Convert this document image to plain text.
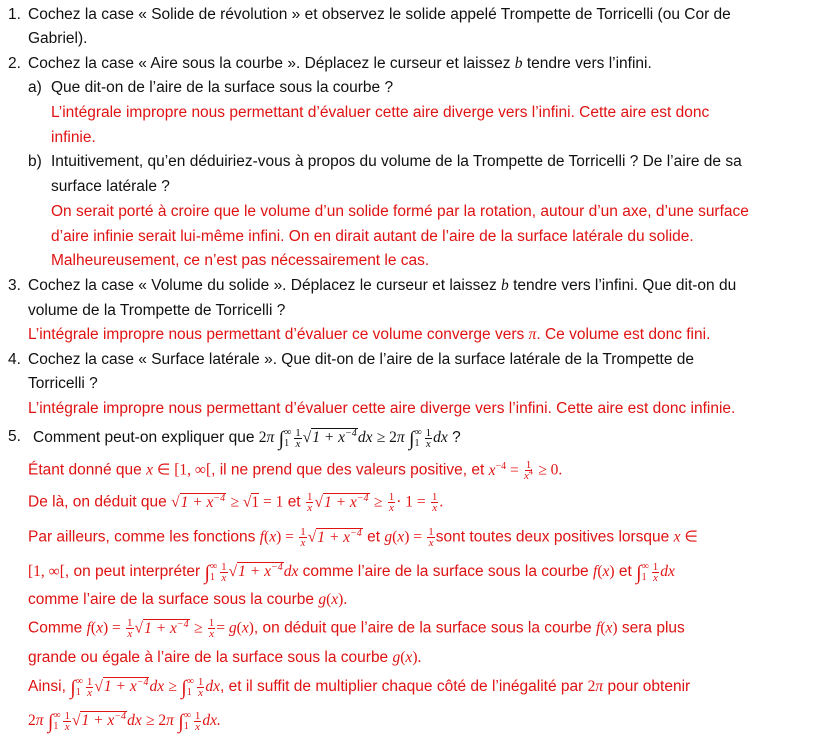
1. Cochez la case « Solide de révolution » et observez le solide appelé Trompette de Torricelli (ou Cor de
Gabriel).
2. Cochez la case « Aire sous la courbe ». Déplacez le curseur et laissez b tendre vers l’infini.
a) Que dit-on de l’aire de la surface sous la courbe ?
L’intégrale impropre nous permettant d’évaluer cette aire diverge vers l’infini. Cette aire est donc
infinie.
b) Intuitivement, qu’en déduiriez-vous à propos du volume de la Trompette de Torricelli ? De l’aire de sa
surface latérale ?
On serait porté à croire que le volume d’un solide formé par la rotation, autour d’un axe, d’une surface
d’aire infinie serait lui-même infini. On en dirait autant de l’aire de la surface latérale du solide.
Malheureusement, ce n’est pas nécessairement le cas.
3. Cochez la case « Volume du solide ». Déplacez le curseur et laissez b tendre vers l’infini. Que dit-on du
volume de la Trompette de Torricelli ?
L’intégrale impropre nous permettant d’évaluer ce volume converge vers π. Ce volume est donc fini.
4. Cochez la case « Surface latérale ». Que dit-on de l’aire de la surface latérale de la Trompette de
Torricelli ?
L’intégrale impropre nous permettant d’évaluer cette aire diverge vers l’infini. Cette aire est donc infinie.
5. Comment peut-on expliquer que 2π ∫ ∞
$1 \frac{1}{x} √1 + x^{-4}dx \ge 2\pi$ ∫ ∞
$1 \frac{1}{x}$ dx ?
Étant donné que x ∈ [1, ∞[, il ne prend que des valeurs positive, et $x^{-4} = \frac{1}{x^4} \ge 0$.
De là, on déduit que $√1 + x^{-4} \ge √1 = 1$ et $\frac{1}{x} √1 + x^{-4} \ge \frac{1}{x} \cdot 1 = \frac{1}{x}$ .
Par ailleurs, comme les fonctions $f(x) = \frac{1}{x} √1 + x^{-4}$ et $g(x) = \frac{1}{x}$ sont toutes deux positives lorsque x ∈
[1, ∞[, on peut interpréter ∫ ∞
$1 \frac{1}{x} √1 + x^{-4}dx$ comme l’aire de la surface sous la courbe f(x) et ∫ ∞
$1 \frac{1}{x}$ dx
comme l’aire de la surface sous la courbe g(x).
Comme $f(x) = \frac{1}{x} √1 + x^{-4} \ge \frac{1}{x} = g(x)$, on déduit que l’aire de la surface sous la courbe f(x) sera plus
grande ou égale à l’aire de la surface sous la courbe g(x).
Ainsi, ∫ ∞
$1 \frac{1}{x} √1 + x^{-4}dx$ ≥ ∫ ∞
$1 \frac{1}{x}$ dx, et il suffit de multiplier chaque côté de l’inégalité par 2π pour obtenir
2π ∫ ∞
$1 \frac{1}{x} √1 + x^{-4}dx \ge 2\pi$ ∫ ∞
$1 \frac{1}{x}$ dx.
